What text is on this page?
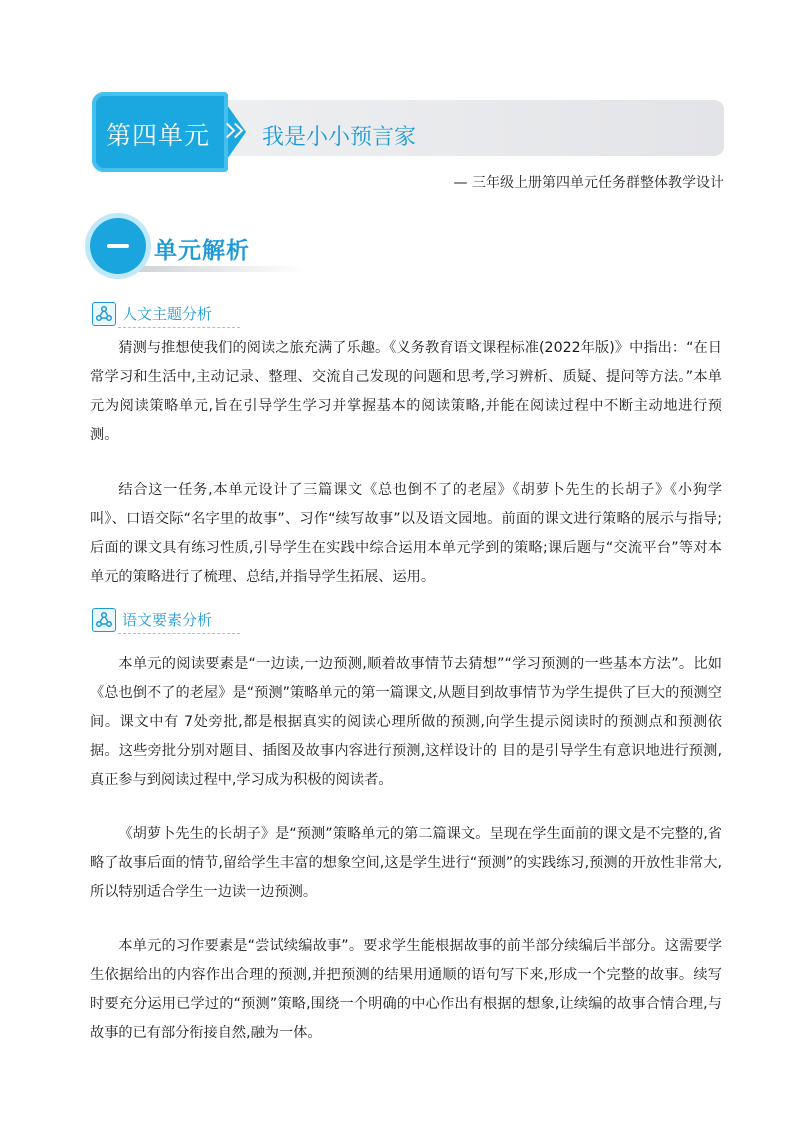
第四单元 我是小小预言家
— 三年级上册第四单元任务群整体教学设计
单元解析
人文主题分析

猜测与推想使我们的阅读之旅充满了乐趣。《义务教育语文课程标准(2022年版)》中指出：“在日常学习和生活中,主动记录、整理、交流自己发现的问题和思考,学习辨析、质疑、提问等方法。”本单元为阅读策略单元,旨在引导学生学习并掌握基本的阅读策略,并能在阅读过程中不断主动地进行预测。

结合这一任务,本单元设计了三篇课文《总也倒不了的老屋》《胡萝卜先生的长胡子》《小狗学叫》、口语交际“名字里的故事”、习作“续写故事”以及语文园地。前面的课文进行策略的展示与指导;后面的课文具有练习性质,引导学生在实践中综合运用本单元学到的策略;课后题与“交流平台”等对本单元的策略进行了梳理、总结,并指导学生拓展、运用。

语文要素分析

本单元的阅读要素是“一边读,一边预测,顺着故事情节去猜想”“学习预测的一些基本方法”。比如《总也倒不了的老屋》是“预测”策略单元的第一篇课文,从题目到故事情节为学生提供了巨大的预测空间。课文中有 7处旁批,都是根据真实的阅读心理所做的预测,向学生提示阅读时的预测点和预测依据。这些旁批分别对题目、插图及故事内容进行预测,这样设计的 目的是引导学生有意识地进行预测,真正参与到阅读过程中,学习成为积极的阅读者。

《胡萝卜先生的长胡子》是“预测”策略单元的第二篇课文。呈现在学生面前的课文是不完整的,省略了故事后面的情节,留给学生丰富的想象空间,这是学生进行“预测”的实践练习,预测的开放性非常大,所以特别适合学生一边读一边预测。

本单元的习作要素是“尝试续编故事”。要求学生能根据故事的前半部分续编后半部分。这需要学生依据给出的内容作出合理的预测,并把预测的结果用通顺的语句写下来,形成一个完整的故事。续写时要充分运用已学过的“预测”策略,围绕一个明确的中心作出有根据的想象,让续编的故事合情合理,与故事的已有部分衔接自然,融为一体。
